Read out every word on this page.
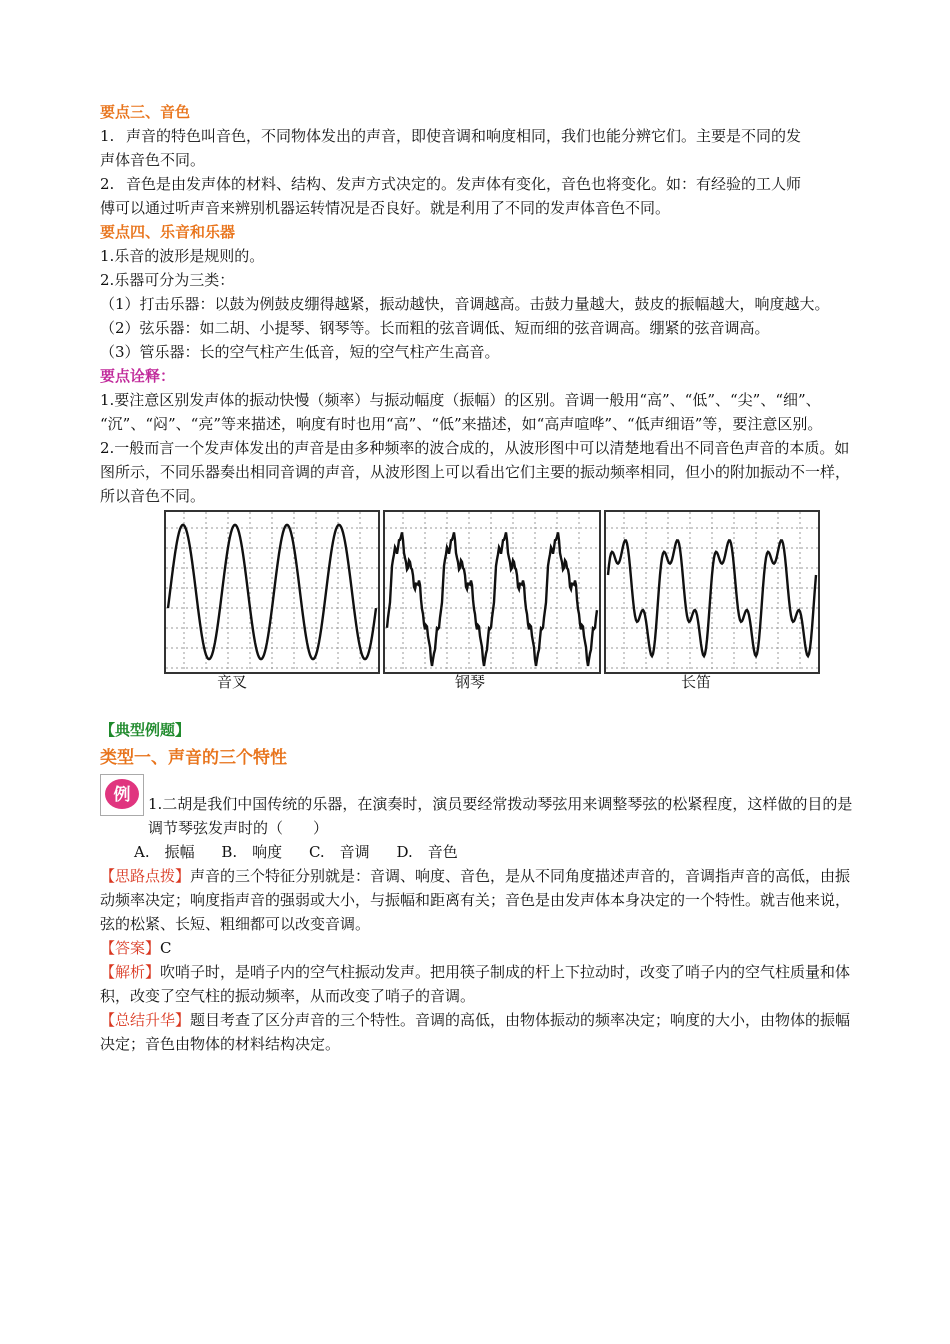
要点三、音色

1. 声音的特色叫音色，不同物体发出的声音，即使音调和响度相同，我们也能分辨它们。主要是不同的发

声体音色不同。

2. 音色是由发声体的材料、结构、发声方式决定的。发声体有变化，音色也将变化。如：有经验的工人师

傅可以通过听声音来辨别机器运转情况是否良好。就是利用了不同的发声体音色不同。

要点四、乐音和乐器

1.乐音的波形是规则的。

2.乐器可分为三类：

（1）打击乐器：以鼓为例鼓皮绷得越紧，振动越快，音调越高。击鼓力量越大，鼓皮的振幅越大，响度越大。

（2）弦乐器：如二胡、小提琴、钢琴等。长而粗的弦音调低、短而细的弦音调高。绷紧的弦音调高。

（3）管乐器：长的空气柱产生低音，短的空气柱产生高音。

要点诠释：

1.要注意区别发声体的振动快慢（频率）与振动幅度（振幅）的区别。音调一般用“高”、“低”、“尖”、“细”、

“沉”、“闷”、“亮”等来描述，响度有时也用“高”、“低”来描述，如“高声喧哗”、“低声细语”等，要注意区别。

2.一般而言一个发声体发出的声音是由多种频率的波合成的，从波形图中可以清楚地看出不同音色声音的本质。如图所示，不同乐器奏出相同音调的声音，从波形图上可以看出它们主要的振动频率相同，但小的附加振动不一样，所以音色不同。

音叉	钢琴	长笛

【典型例题】

类型一、声音的三个特性

例 1.二胡是我们中国传统的乐器，在演奏时，演员要经常拨动琴弦用来调整琴弦的松紧程度，这样做的目的是调节琴弦发声时的（　　）

A.　振幅 B.　响度 C.　音调 D.　音色

【思路点拨】声音的三个特征分别就是：音调、响度、音色，是从不同角度描述声音的，音调指声音的高低，由振动频率决定；响度指声音的强弱或大小，与振幅和距离有关；音色是由发声体本身决定的一个特性。就吉他来说，弦的松紧、长短、粗细都可以改变音调。

【答案】C

【解析】吹哨子时，是哨子内的空气柱振动发声。把用筷子制成的杆上下拉动时，改变了哨子内的空气柱质量和体积，改变了空气柱的振动频率，从而改变了哨子的音调。

【总结升华】题目考查了区分声音的三个特性。音调的高低，由物体振动的频率决定；响度的大小，由物体的振幅决定；音色由物体的材料结构决定。
